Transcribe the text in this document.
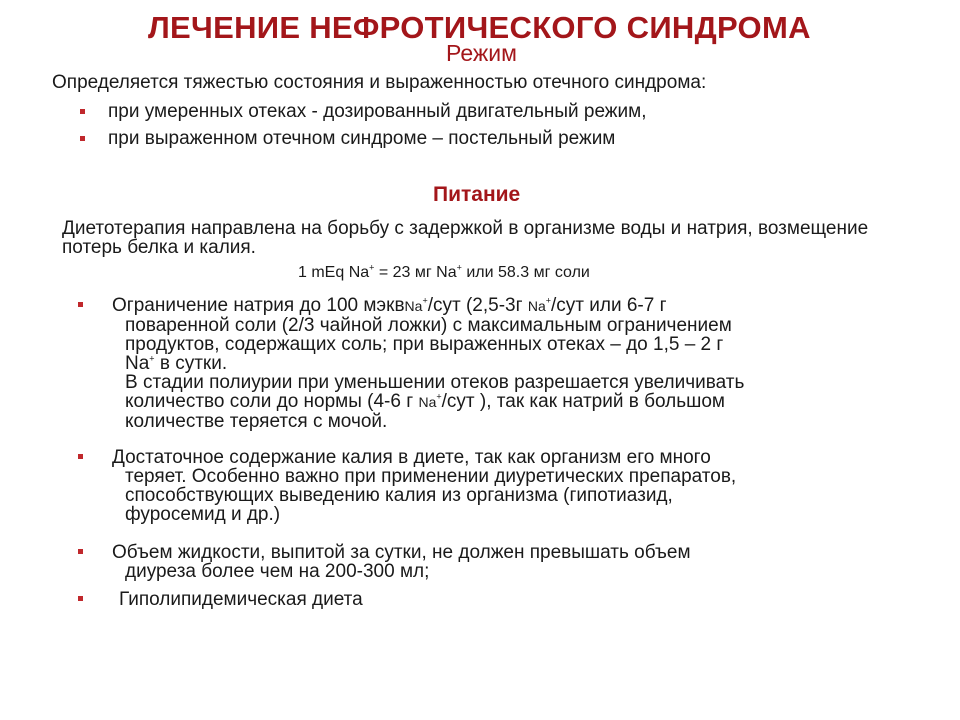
ЛЕЧЕНИЕ НЕФРОТИЧЕСКОГО СИНДРОМА
Режим
Определяется тяжестью состояния и выраженностью отечного синдрома:
при умеренных отеках - дозированный двигательный режим,
при выраженном отечном синдроме – постельный режим
Питание
Диетотерапия направлена на борьбу с задержкой в организме воды и натрия, возмещение потерь белка и калия.
1 mEq Na+ = 23 мг Na+ или 58.3 мг соли
Ограничение натрия до 100 мэквNa+/сут (2,5-3г Na+/сут или 6-7 г
поваренной соли (2/3 чайной ложки) с максимальным ограничением
продуктов, содержащих соль; при выраженных отеках – до 1,5 – 2 г
Na+ в сутки.
В стадии полиурии при уменьшении отеков разрешается увеличивать
количество соли до нормы (4-6 г Na+/сут ), так как натрий в большом
количестве теряется с мочой.
Достаточное содержание калия в диете, так как организм его много
теряет. Особенно важно при применении диуретических препаратов,
способствующих выведению калия из организма (гипотиазид,
фуросемид и др.)
Объем жидкости, выпитой за сутки, не должен превышать объем
диуреза более чем на 200-300 мл;
Гиполипидемическая диета
